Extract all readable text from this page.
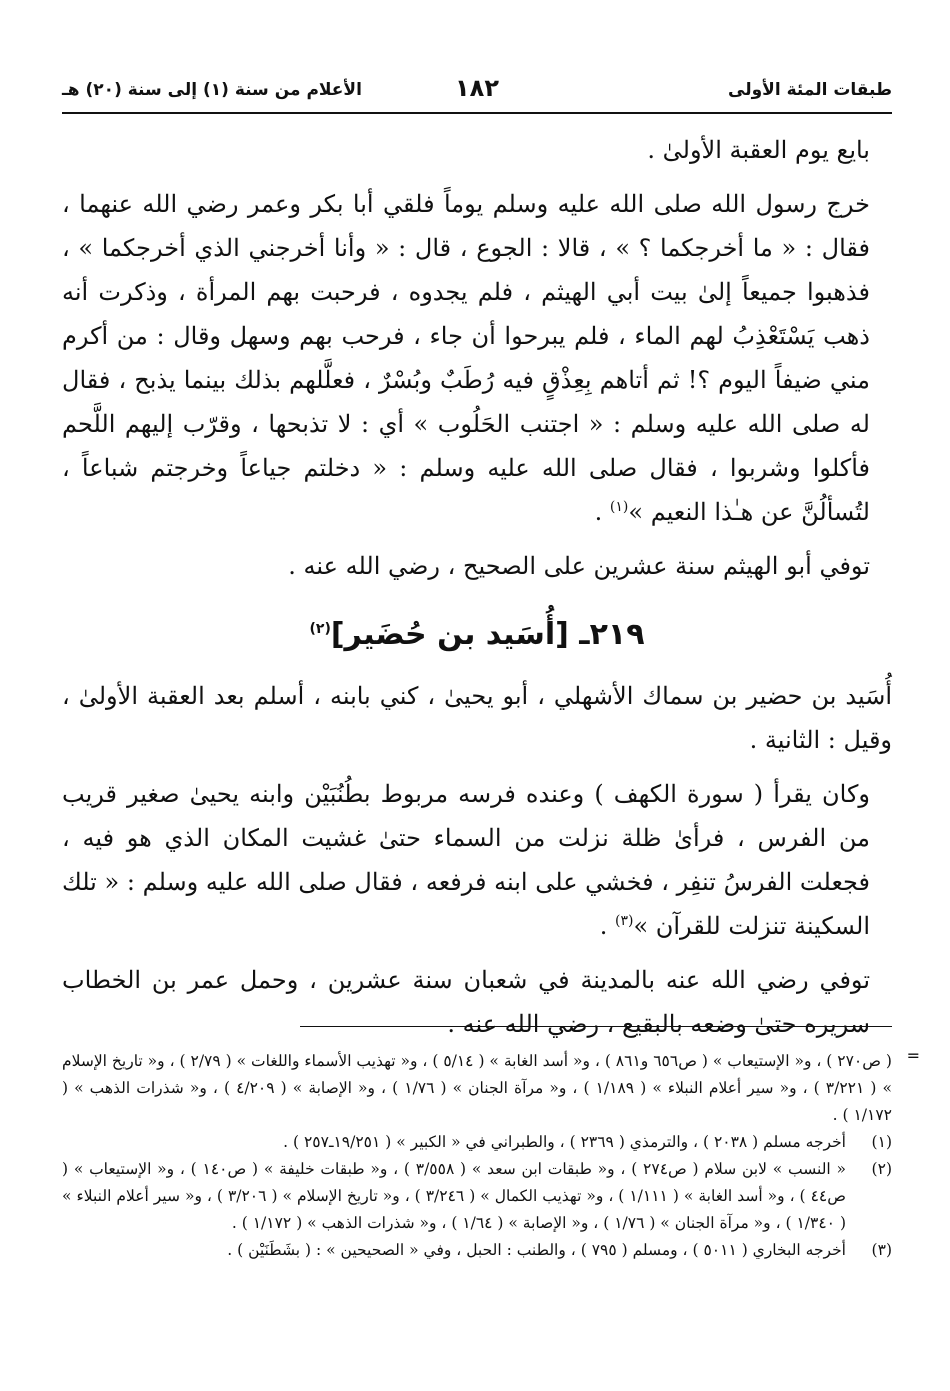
طبقات المئة الأولى
١٨٢
الأعلام من سنة (١) إلى سنة (٢٠) هـ

بايع يوم العقبة الأولىٰ .

خرج رسول الله صلى الله عليه وسلم يوماً فلقي أبا بكر وعمر رضي الله عنهما ، فقال : « ما أخرجكما ؟ » ، قالا : الجوع ، قال : « وأنا أخرجني الذي أخرجكما » ، فذهبوا جميعاً إلىٰ بيت أبي الهيثم ، فلم يجدوه ، فرحبت بهم المرأة ، وذكرت أنه ذهب يَسْتَعْذِبُ لهم الماء ، فلم يبرحوا أن جاء ، فرحب بهم وسهل وقال : من أكرم مني ضيفاً اليوم ؟! ثم أتاهم بِعِذْقٍ فيه رُطَبٌ وبُسْرٌ ، فعلَّلهم بذلك بينما يذبح ، فقال له صلى الله عليه وسلم : « اجتنب الحَلُوب » أي : لا تذبحها ، وقرّب إليهم اللَّحم فأكلوا وشربوا ، فقال صلى الله عليه وسلم : « دخلتم جياعاً وخرجتم شباعاً ، لتُسألُنَّ عن هـٰذا النعيم »$^{(١)}$ .

توفي أبو الهيثم سنة عشرين على الصحيح ، رضي الله عنه .

٢١٩ـ [أُسَيد بن حُضَير]$^{(٢)}$

أُسَيد بن حضير بن سماك الأشهلي ، أبو يحيىٰ ، كني بابنه ، أسلم بعد العقبة الأولىٰ ، وقيل : الثانية .

وكان يقرأ ( سورة الكهف ) وعنده فرسه مربوط بطُنُبَيْن وابنه يحيىٰ صغير قريب من الفرس ، فرأىٰ ظلة نزلت من السماء حتىٰ غشيت المكان الذي هو فيه ، فجعلت الفرسُ تنفِر ، فخشي على ابنه فرفعه ، فقال صلى الله عليه وسلم : « تلك السكينة تنزلت للقرآن »$^{(٣)}$ .

توفي رضي الله عنه بالمدينة في شعبان سنة عشرين ، وحمل عمر بن الخطاب سريره حتىٰ وضعه بالبقيع ، رضي الله عنه .

=
( ص٢٧٠ ) ، و« الإستيعاب » ( ص٦٥٦ و٨٦١ ) ، و« أسد الغابة » ( ٥/١٤ ) ، و« تهذيب الأسماء واللغات » ( ٢/٧٩ ) ، و« تاريخ الإسلام » ( ٣/٢٢١ ) ، و« سير أعلام النبلاء » ( ١/١٨٩ ) ، و« مرآة الجنان » ( ١/٧٦ ) ، و« الإصابة » ( ٤/٢٠٩ ) ، و« شذرات الذهب » ( ١/١٧٢ ) .
(١)
أخرجه مسلم ( ٢٠٣٨ ) ، والترمذي ( ٢٣٦٩ ) ، والطبراني في « الكبير » ( ١٩/٢٥١ـ٢٥٧ ) .
(٢)
« النسب » لابن سلام ( ص٢٧٤ ) ، و« طبقات ابن سعد » ( ٣/٥٥٨ ) ، و« طبقات خليفة » ( ص١٤٠ ) ، و« الإستيعاب » ( ص٤٤ ) ، و« أسد الغابة » ( ١/١١١ ) ، و« تهذيب الكمال » ( ٣/٢٤٦ ) ، و« تاريخ الإسلام » ( ٣/٢٠٦ ) ، و« سير أعلام النبلاء » ( ١/٣٤٠ ) ، و« مرآة الجنان » ( ١/٧٦ ) ، و« الإصابة » ( ١/٦٤ ) ، و« شذرات الذهب » ( ١/١٧٢ ) .
(٣)
أخرجه البخاري ( ٥٠١١ ) ، ومسلم ( ٧٩٥ ) ، والطنب : الحبل ، وفي « الصحيحين » : ( بشَطَنَيْن ) .
